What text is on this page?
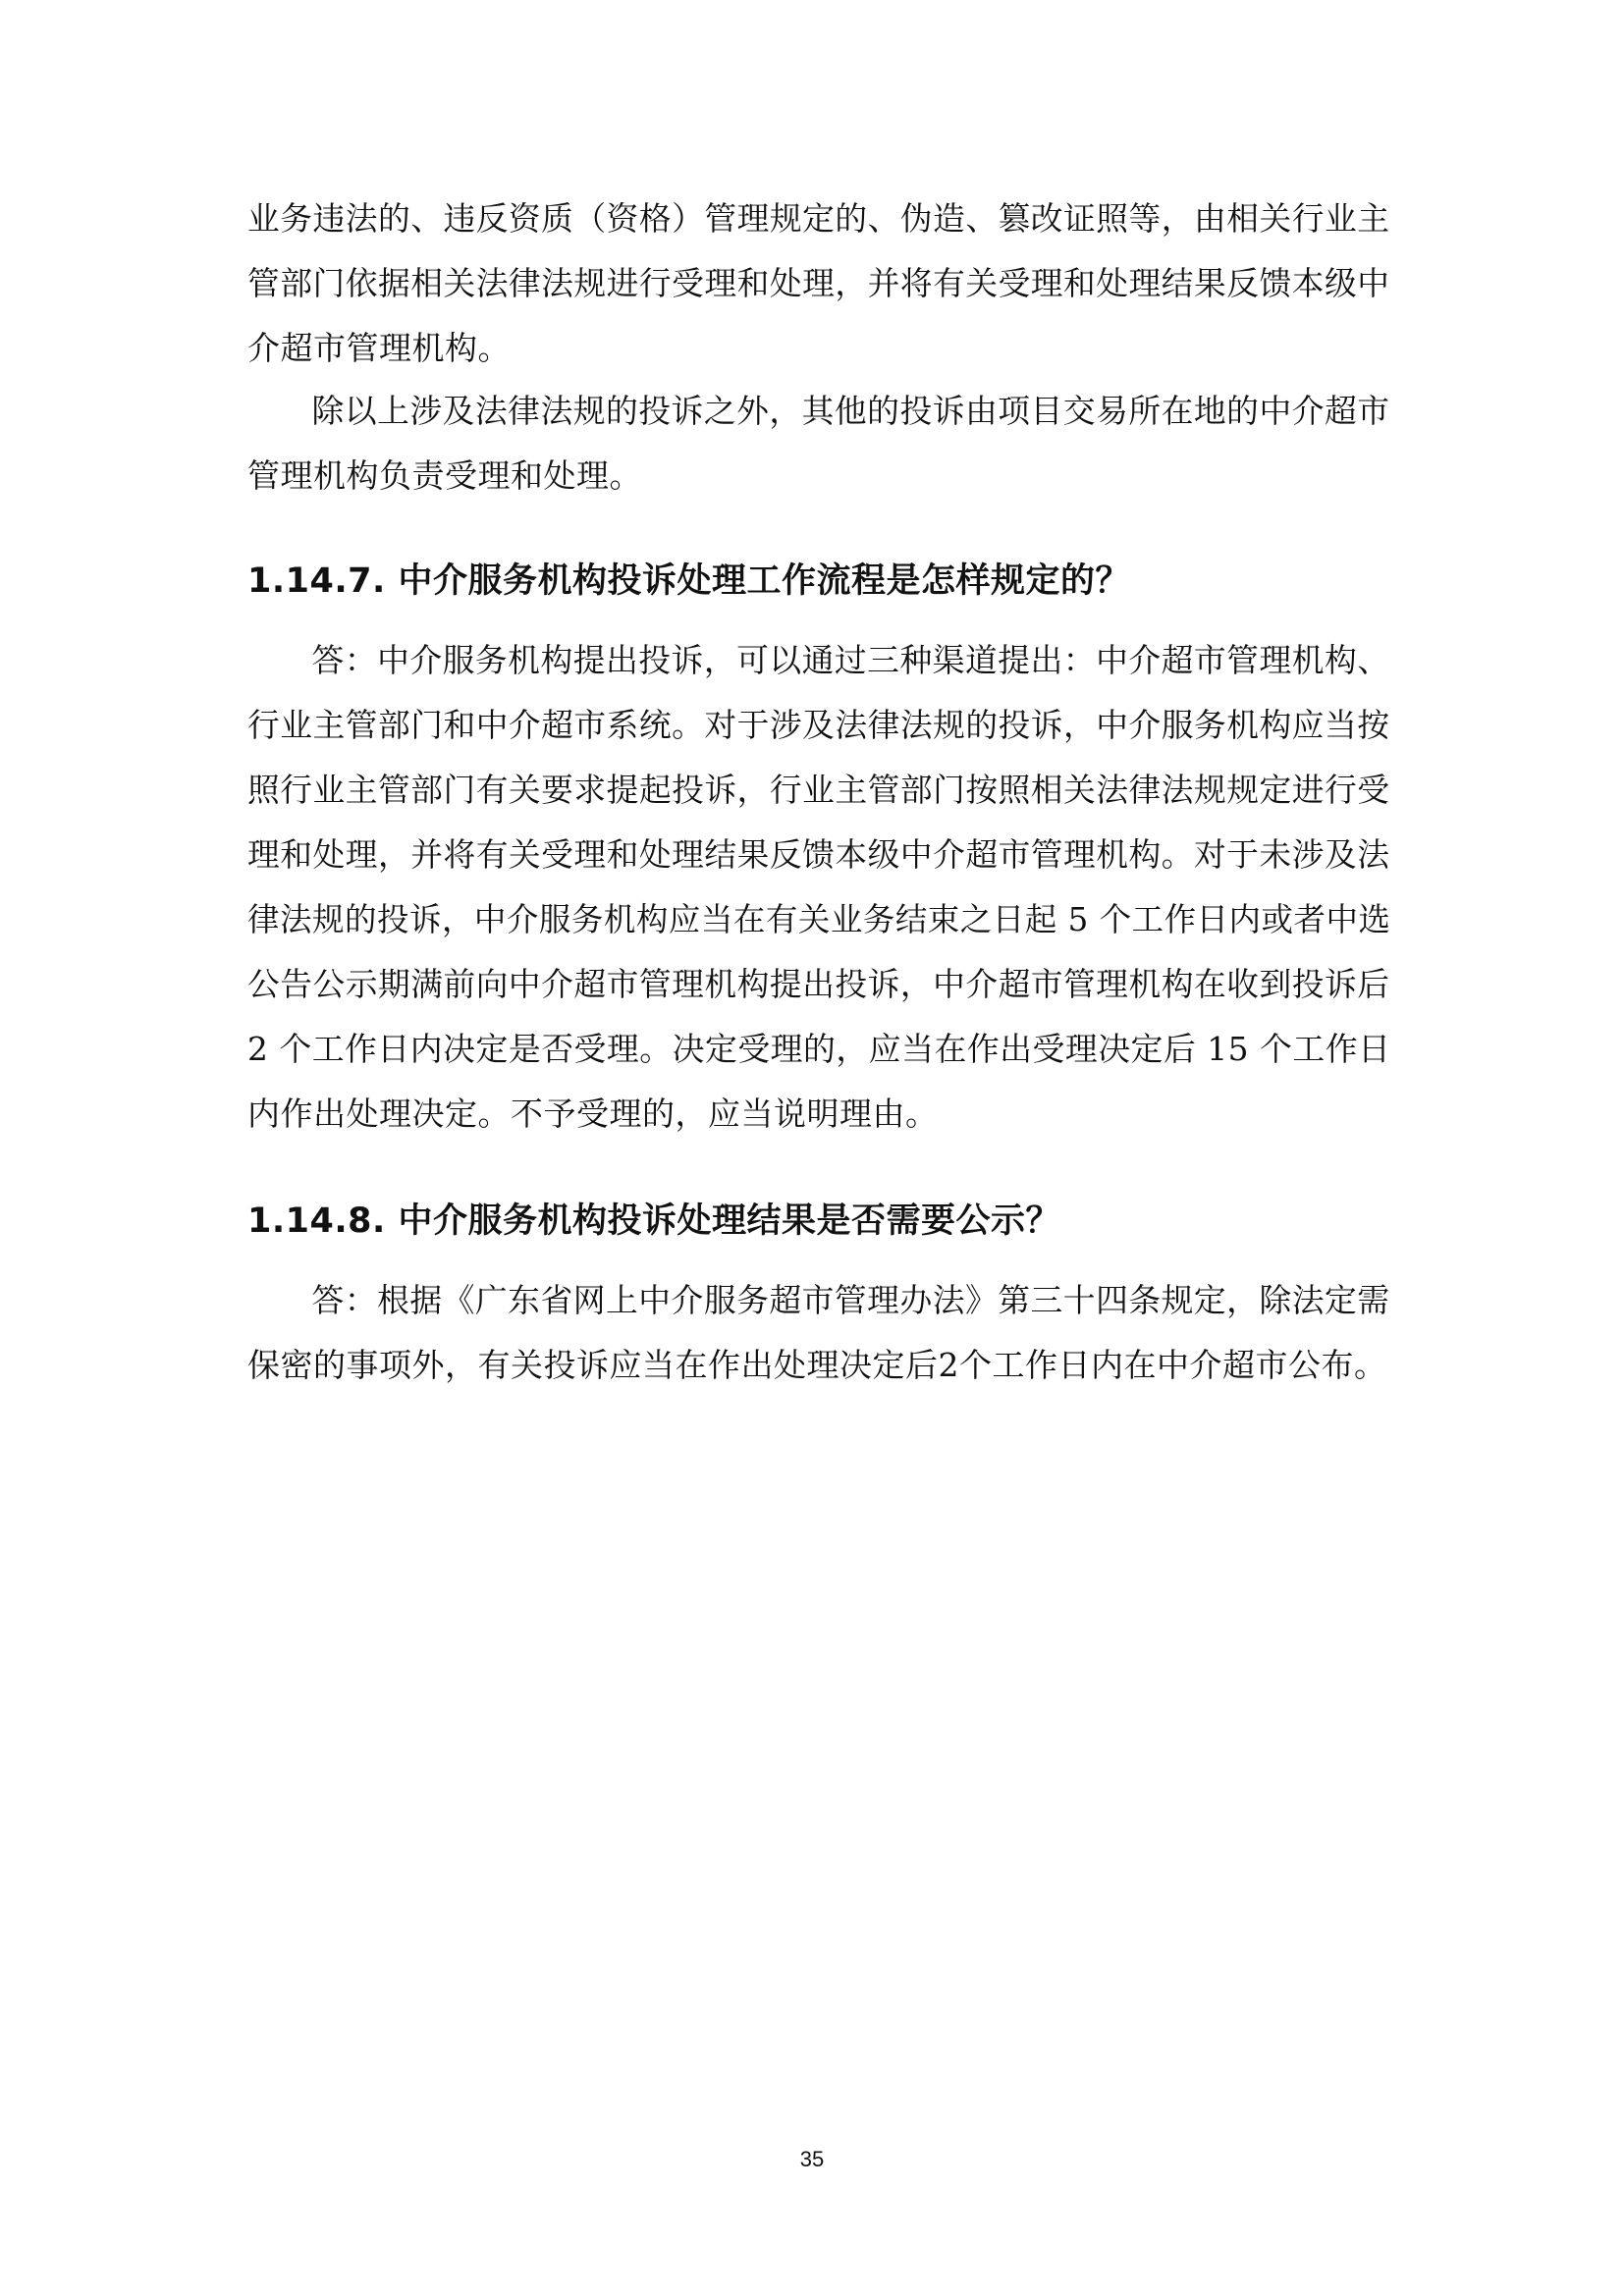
业务违法的、违反资质（资格）管理规定的、伪造、篡改证照等，由相关行业主
管部门依据相关法律法规进行受理和处理，并将有关受理和处理结果反馈本级中
介超市管理机构。
除以上涉及法律法规的投诉之外，其他的投诉由项目交易所在地的中介超市
管理机构负责受理和处理。
1.14.7. 中介服务机构投诉处理工作流程是怎样规定的？
答：中介服务机构提出投诉，可以通过三种渠道提出：中介超市管理机构、
行业主管部门和中介超市系统。对于涉及法律法规的投诉，中介服务机构应当按
照行业主管部门有关要求提起投诉，行业主管部门按照相关法律法规规定进行受
理和处理，并将有关受理和处理结果反馈本级中介超市管理机构。对于未涉及法
律法规的投诉，中介服务机构应当在有关业务结束之日起 5 个工作日内或者中选
公告公示期满前向中介超市管理机构提出投诉，中介超市管理机构在收到投诉后
2 个工作日内决定是否受理。决定受理的，应当在作出受理决定后 15 个工作日
内作出处理决定。不予受理的，应当说明理由。
1.14.8. 中介服务机构投诉处理结果是否需要公示？
答：根据《广东省网上中介服务超市管理办法》第三十四条规定，除法定需
保密的事项外，有关投诉应当在作出处理决定后2个工作日内在中介超市公布。
35
